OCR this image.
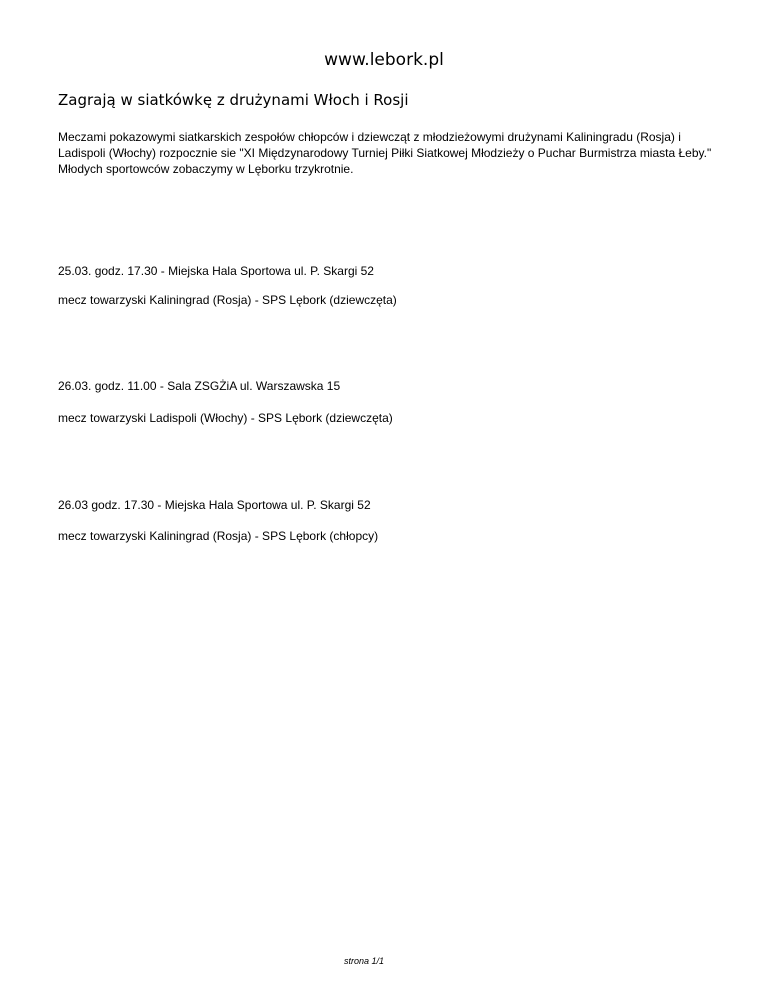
www.lebork.pl
Zagrają w siatkówkę z drużynami Włoch i Rosji

Meczami pokazowymi siatkarskich zespołów chłopców i dziewcząt z młodzieżowymi drużynami Kaliningradu (Rosja) i Ladispoli (Włochy) rozpocznie sie "XI Międzynarodowy Turniej Piłki Siatkowej Młodzieży o Puchar Burmistrza miasta Łeby." Młodych sportowców zobaczymy w Lęborku trzykrotnie.

25.03. godz. 17.30 - Miejska Hala Sportowa ul. P. Skargi 52

mecz towarzyski Kaliningrad (Rosja) - SPS Lębork (dziewczęta)

26.03. godz. 11.00 - Sala ZSGŻiA ul. Warszawska 15

mecz towarzyski Ladispoli (Włochy) - SPS Lębork (dziewczęta)

26.03 godz. 17.30 - Miejska Hala Sportowa ul. P. Skargi 52

mecz towarzyski Kaliningrad (Rosja) - SPS Lębork (chłopcy)

strona 1/1
